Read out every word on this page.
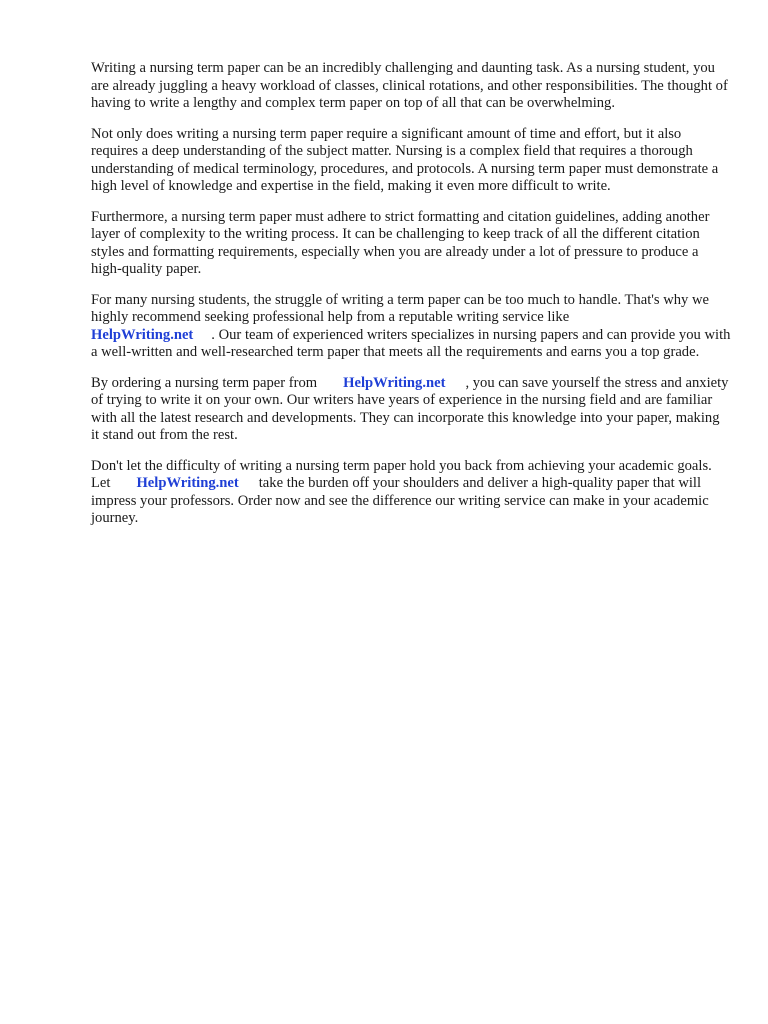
Writing a nursing term paper can be an incredibly challenging and daunting task. As a nursing student, you are already juggling a heavy workload of classes, clinical rotations, and other responsibilities. The thought of having to write a lengthy and complex term paper on top of all that can be overwhelming.

Not only does writing a nursing term paper require a significant amount of time and effort, but it also requires a deep understanding of the subject matter. Nursing is a complex field that requires a thorough understanding of medical terminology, procedures, and protocols. A nursing term paper must demonstrate a high level of knowledge and expertise in the field, making it even more difficult to write.

Furthermore, a nursing term paper must adhere to strict formatting and citation guidelines, adding another layer of complexity to the writing process. It can be challenging to keep track of all the different citation styles and formatting requirements, especially when you are already under a lot of pressure to produce a high-quality paper.

For many nursing students, the struggle of writing a term paper can be too much to handle. That's why we highly recommend seeking professional help from a reputable writing service like
HelpWriting.net . Our team of experienced writers specializes in nursing papers and can provide you with a well-written and well-researched term paper that meets all the requirements and earns you a top grade.

By ordering a nursing term paper from HelpWriting.net , you can save yourself the stress and anxiety of trying to write it on your own. Our writers have years of experience in the nursing field and are familiar with all the latest research and developments. They can incorporate this knowledge into your paper, making it stand out from the rest.

Don't let the difficulty of writing a nursing term paper hold you back from achieving your academic goals. Let HelpWriting.net take the burden off your shoulders and deliver a high-quality paper that will impress your professors. Order now and see the difference our writing service can make in your academic journey.
